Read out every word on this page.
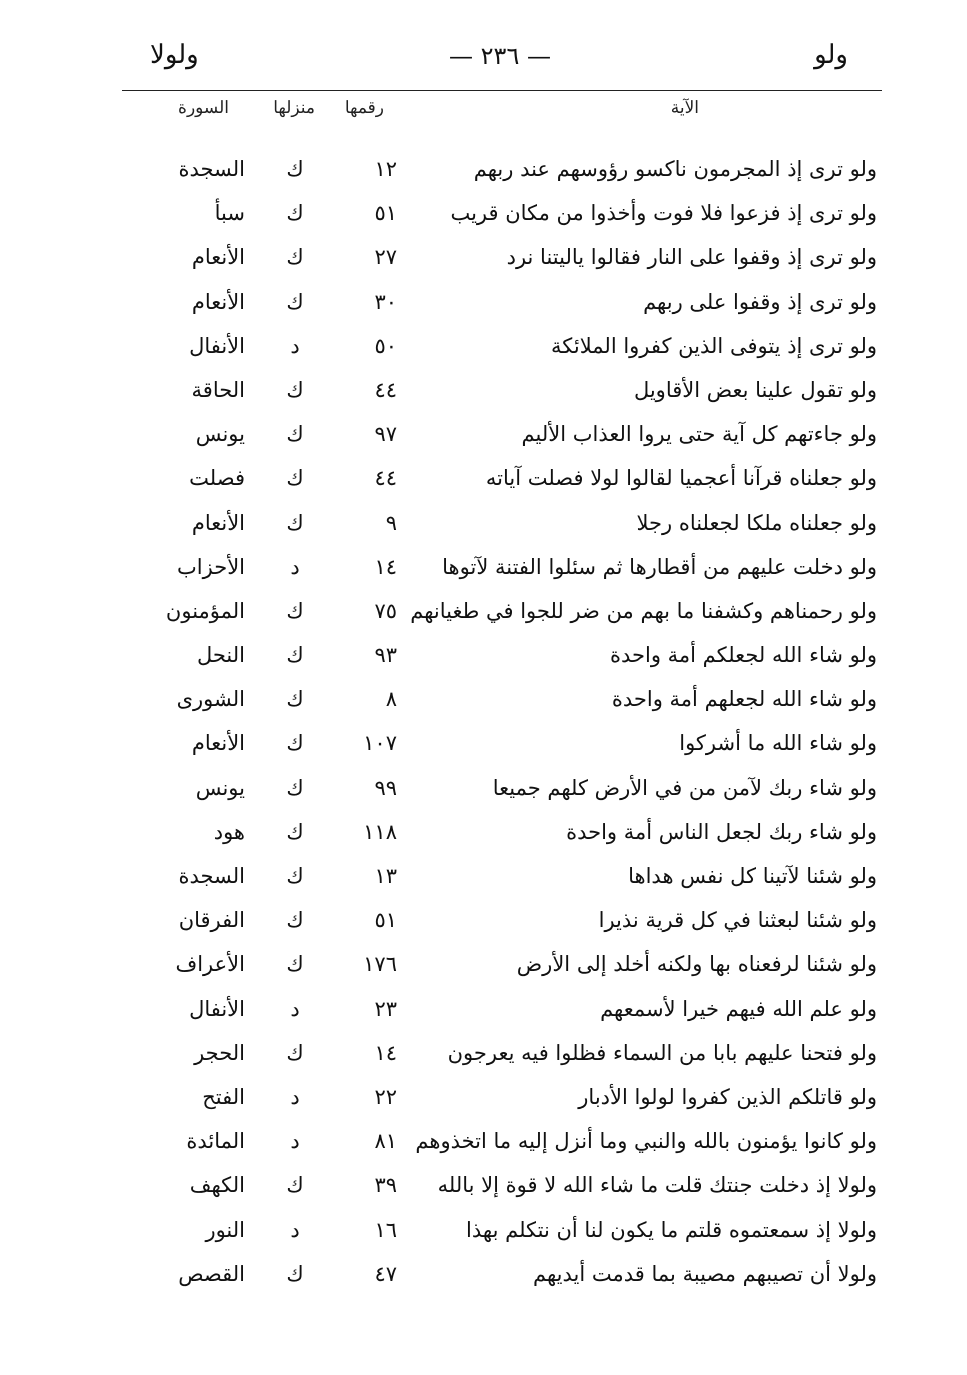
ولو
— ٢٣٦ —
ولولا
الآية
رقمها
منزلها
السورة
ولو ترى إذ المجرمون ناكسو رؤوسهم عند ربهم
١٢
ك
السجدة
ولو ترى إذ فزعوا فلا فوت وأخذوا من مكان قريب
٥١
ك
سبأ
ولو ترى إذ وقفوا على النار فقالوا ياليتنا نرد
٢٧
ك
الأنعام
ولو ترى إذ وقفوا على ربهم
٣٠
ك
الأنعام
ولو ترى إذ يتوفى الذين كفروا الملائكة
٥٠
د
الأنفال
ولو تقول علينا بعض الأقاويل
٤٤
ك
الحاقة
ولو جاءتهم كل آية حتى يروا العذاب الأليم
٩٧
ك
يونس
ولو جعلناه قرآنا أعجميا لقالوا لولا فصلت آياته
٤٤
ك
فصلت
ولو جعلناه ملكا لجعلناه رجلا
٩
ك
الأنعام
ولو دخلت عليهم من أقطارها ثم سئلوا الفتنة لآتوها
١٤
د
الأحزاب
ولو رحمناهم وكشفنا ما بهم من ضر للجوا في طغيانهم
٧٥
ك
المؤمنون
ولو شاء الله لجعلكم أمة واحدة
٩٣
ك
النحل
ولو شاء الله لجعلهم أمة واحدة
٨
ك
الشورى
ولو شاء الله ما أشركوا
١٠٧
ك
الأنعام
ولو شاء ربك لآمن من في الأرض كلهم جميعا
٩٩
ك
يونس
ولو شاء ربك لجعل الناس أمة واحدة
١١٨
ك
هود
ولو شئنا لآتينا كل نفس هداها
١٣
ك
السجدة
ولو شئنا لبعثنا في كل قرية نذيرا
٥١
ك
الفرقان
ولو شئنا لرفعناه بها ولكنه أخلد إلى الأرض
١٧٦
ك
الأعراف
ولو علم الله فيهم خيرا لأسمعهم
٢٣
د
الأنفال
ولو فتحنا عليهم بابا من السماء فظلوا فيه يعرجون
١٤
ك
الحجر
ولو قاتلكم الذين كفروا لولوا الأدبار
٢٢
د
الفتح
ولو كانوا يؤمنون بالله والنبي وما أنزل إليه ما اتخذوهم
٨١
د
المائدة
ولولا إذ دخلت جنتك قلت ما شاء الله لا قوة إلا بالله
٣٩
ك
الكهف
ولولا إذ سمعتموه قلتم ما يكون لنا أن نتكلم بهذا
١٦
د
النور
ولولا أن تصيبهم مصيبة بما قدمت أيديهم
٤٧
ك
القصص
